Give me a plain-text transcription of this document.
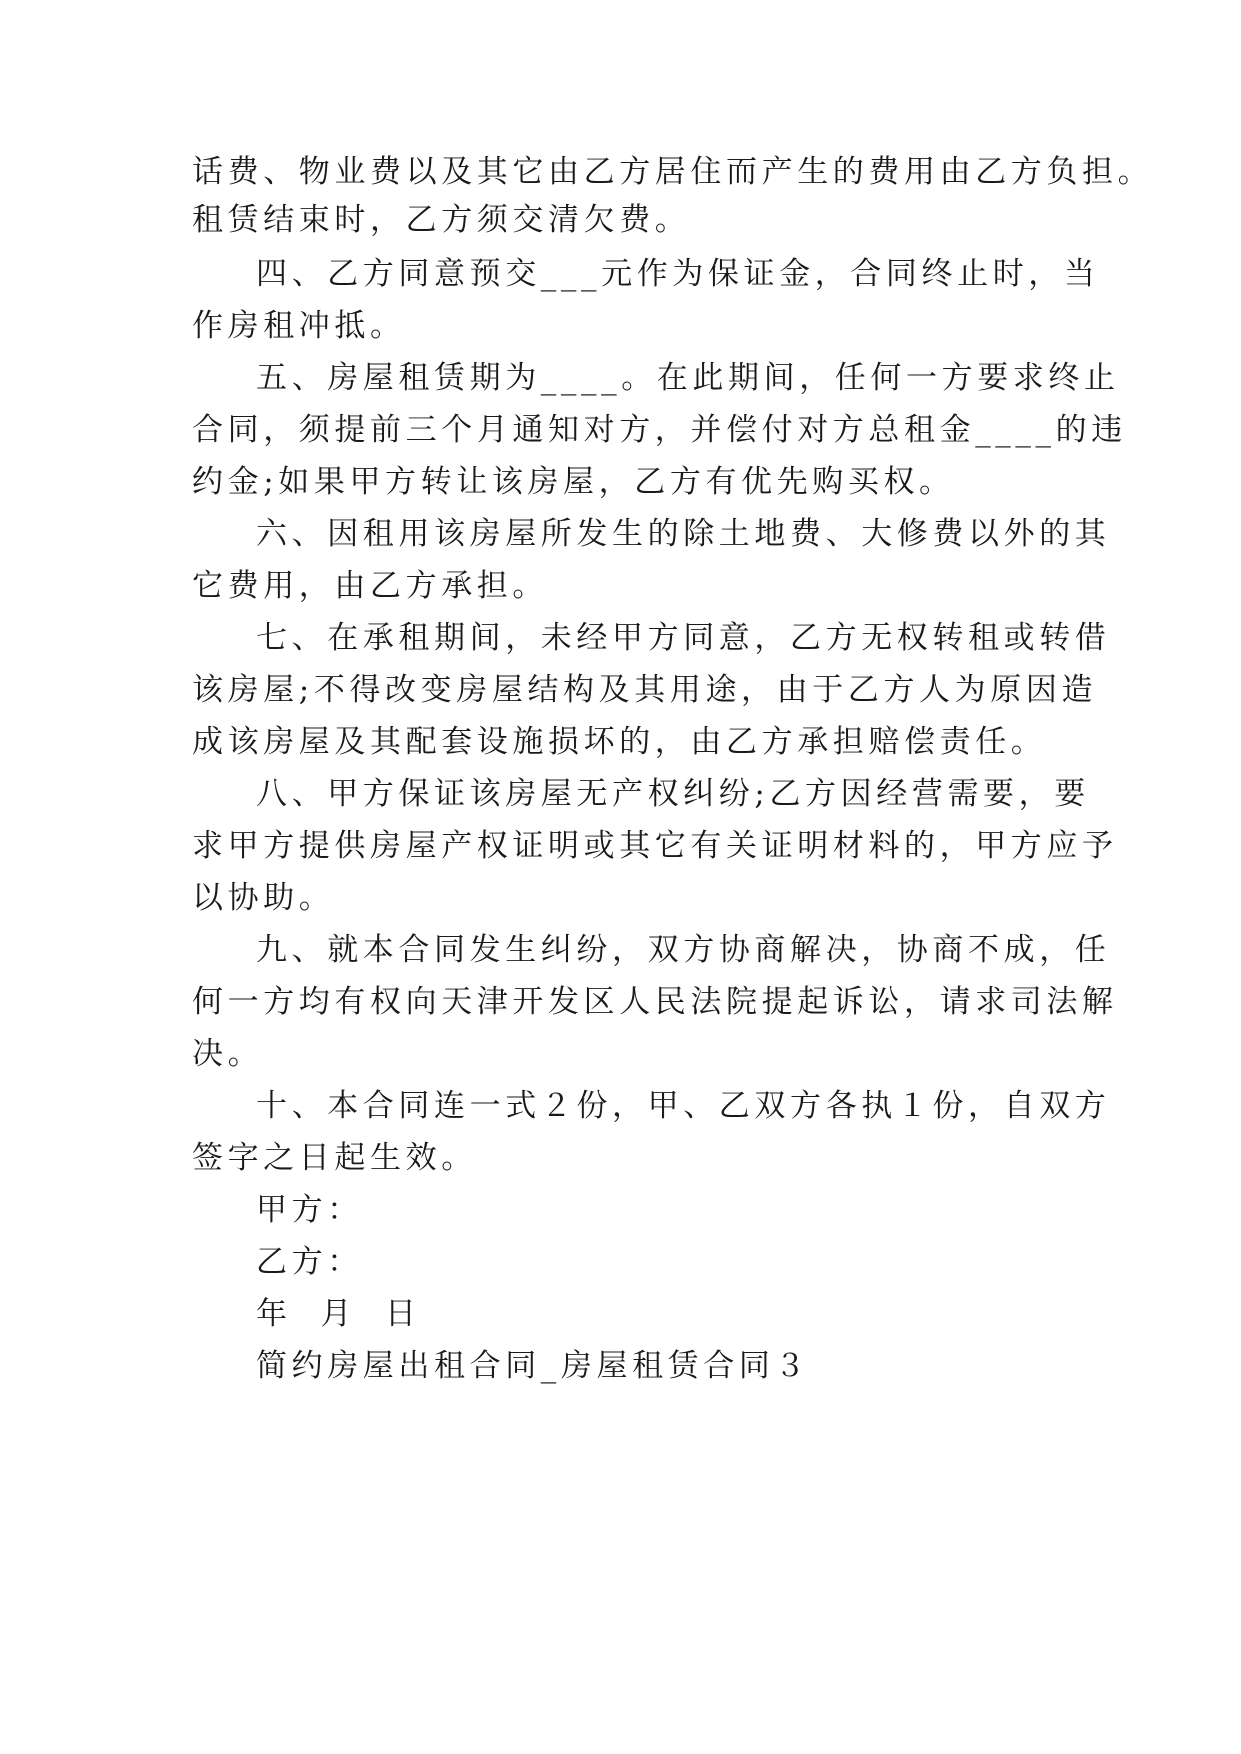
话费、物业费以及其它由乙方居住而产生的费用由乙方负担。
租赁结束时，乙方须交清欠费。
四、乙方同意预交___元作为保证金，合同终止时，当
作房租冲抵。
五、房屋租赁期为____。在此期间，任何一方要求终止
合同，须提前三个月通知对方，并偿付对方总租金____的违
约金;如果甲方转让该房屋，乙方有优先购买权。
六、因租用该房屋所发生的除土地费、大修费以外的其
它费用，由乙方承担。
七、在承租期间，未经甲方同意，乙方无权转租或转借
该房屋;不得改变房屋结构及其用途，由于乙方人为原因造
成该房屋及其配套设施损坏的，由乙方承担赔偿责任。
八、甲方保证该房屋无产权纠纷;乙方因经营需要，要
求甲方提供房屋产权证明或其它有关证明材料的，甲方应予
以协助。
九、就本合同发生纠纷，双方协商解决，协商不成，任
何一方均有权向天津开发区人民法院提起诉讼，请求司法解
决。
十、本合同连一式２份，甲、乙双方各执１份，自双方
签字之日起生效。
甲方：
乙方：
年  月  日
简约房屋出租合同_房屋租赁合同３
